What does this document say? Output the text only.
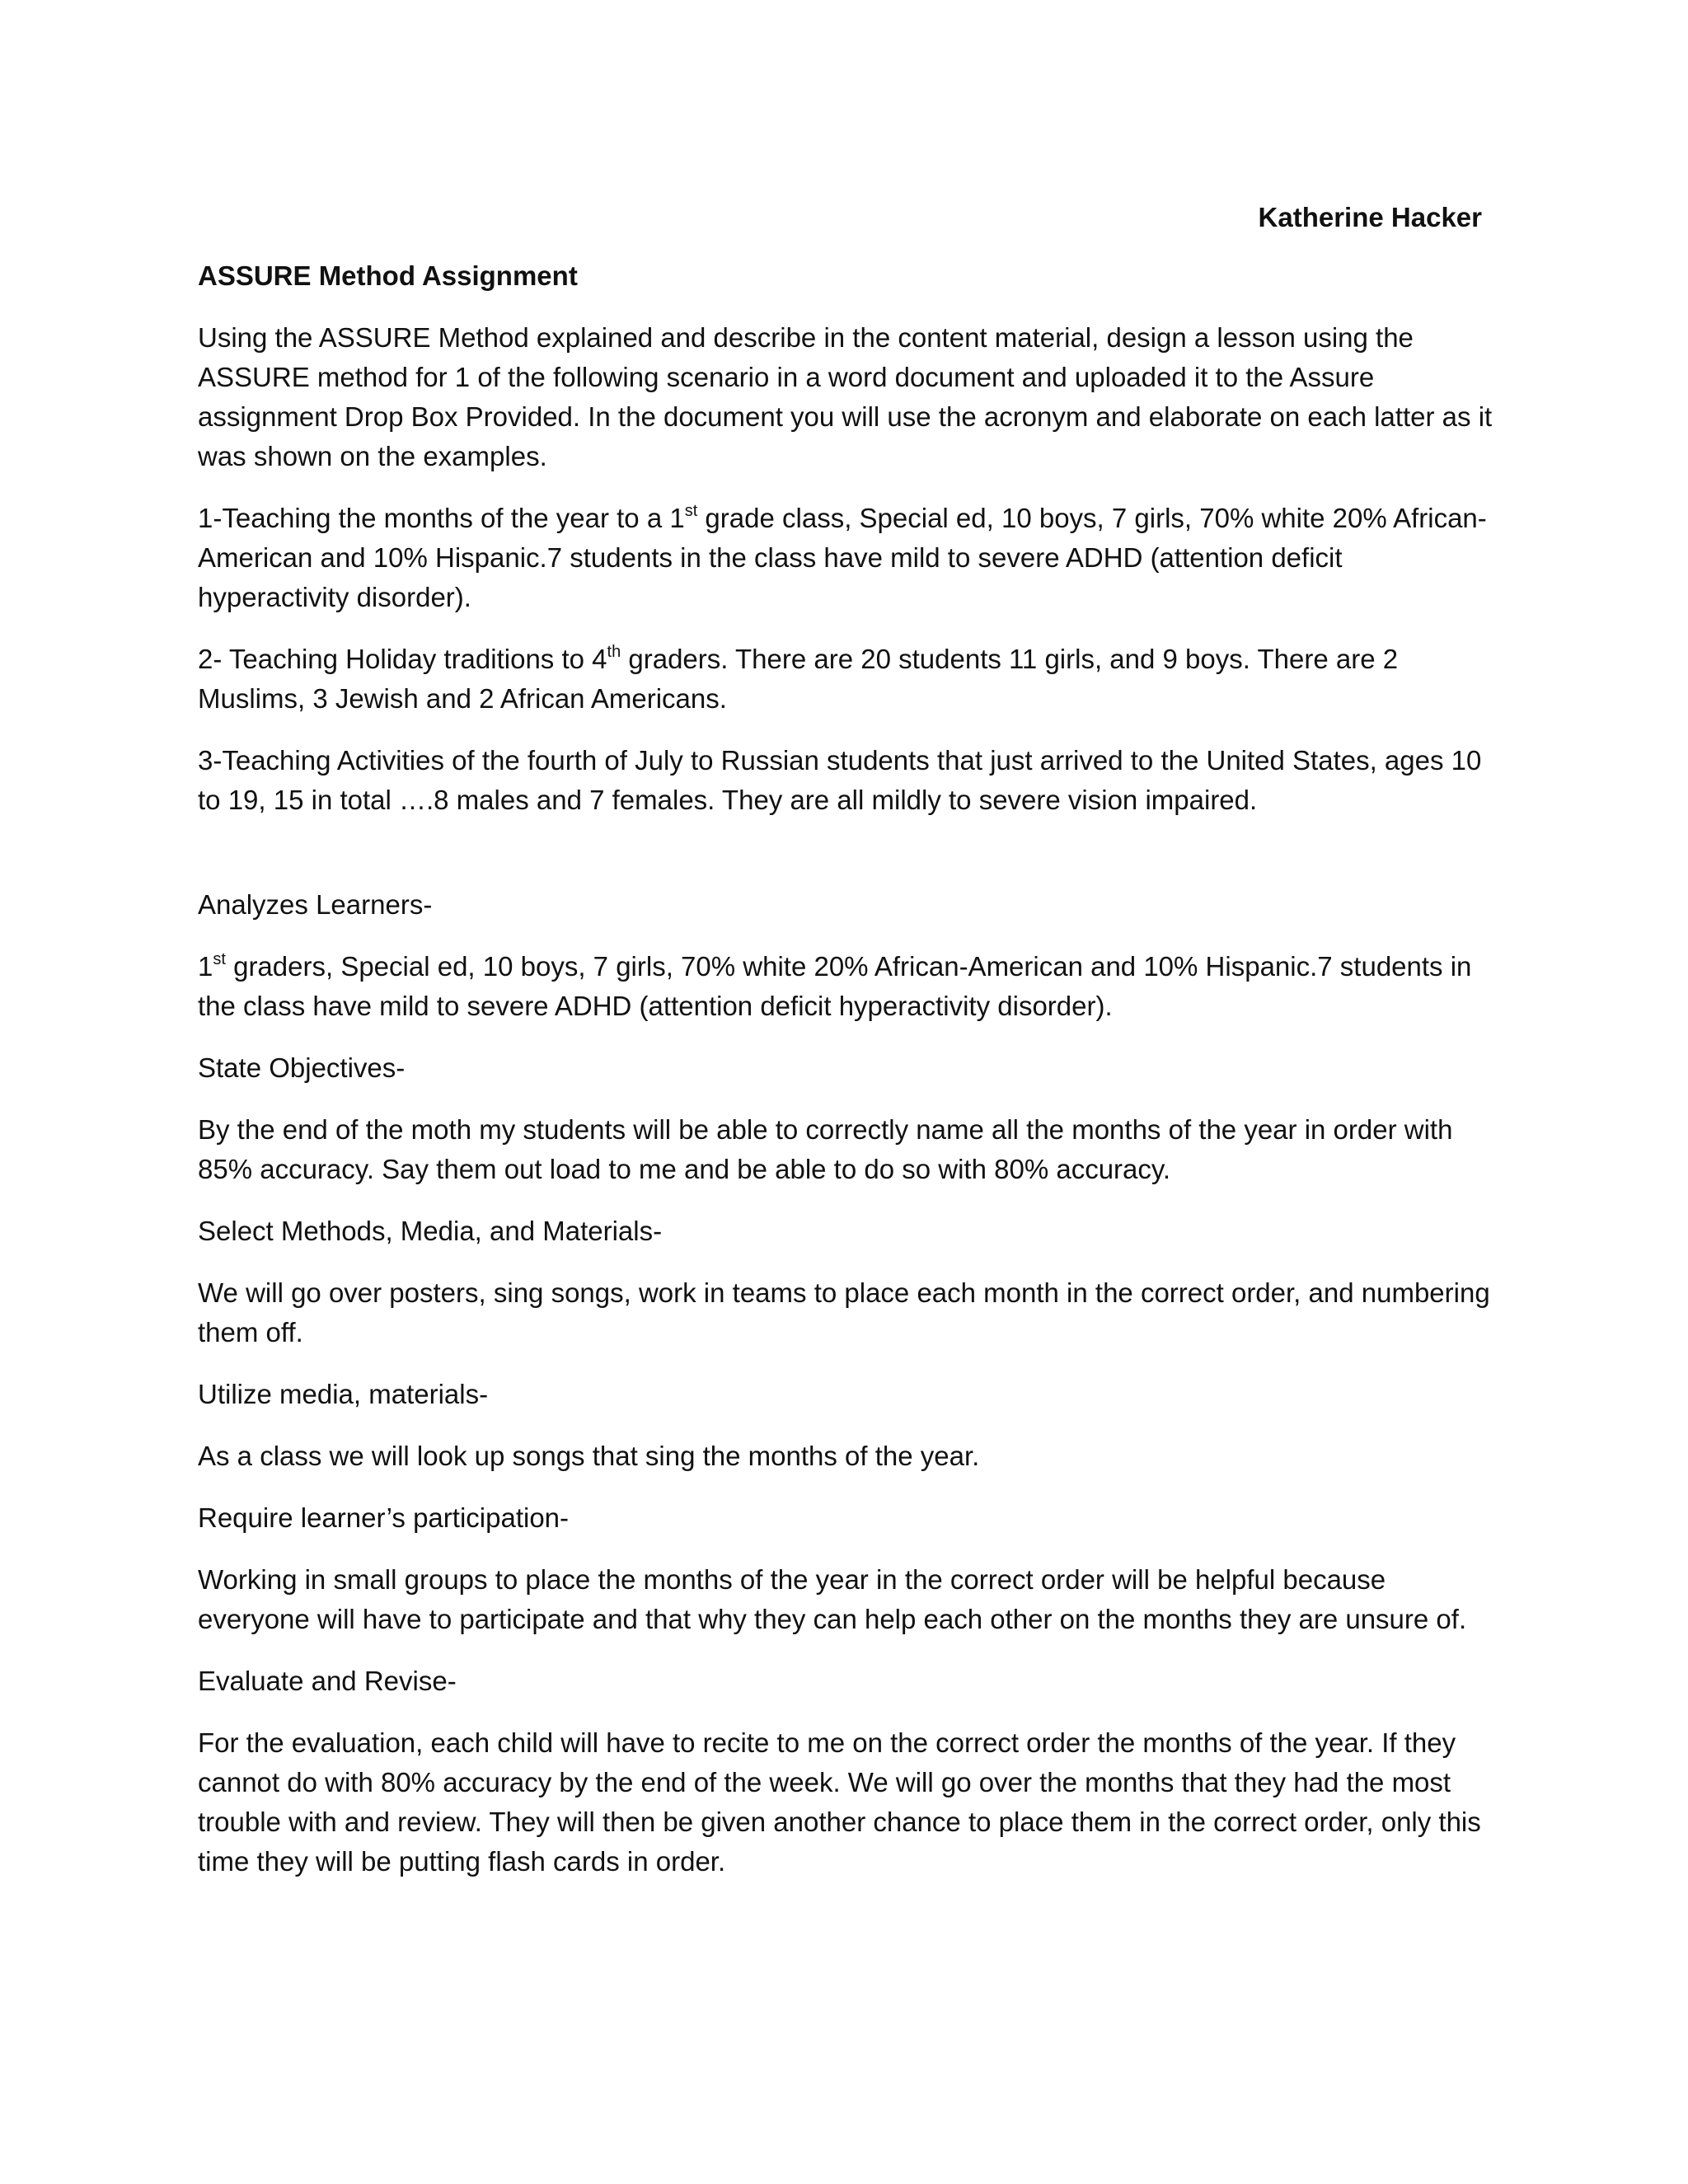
Katherine Hacker

ASSURE Method Assignment

Using the ASSURE Method explained and describe in the content material, design a lesson using the ASSURE method for 1 of the following scenario in a word document and uploaded it to the Assure assignment Drop Box Provided. In the document you will use the acronym and elaborate on each latter as it was shown on the examples.

1-Teaching the months of the year to a 1st grade class, Special ed, 10 boys, 7 girls, 70% white 20% African-American and 10% Hispanic.7 students in the class have mild to severe ADHD (attention deficit hyperactivity disorder).

2- Teaching Holiday traditions to 4th graders. There are 20 students 11 girls, and 9 boys. There are 2 Muslims, 3 Jewish and 2 African Americans.

3-Teaching Activities of the fourth of July to Russian students that just arrived to the United States, ages 10 to 19, 15 in total ….8 males and 7 females. They are all mildly to severe vision impaired.

Analyzes Learners-

1st graders, Special ed, 10 boys, 7 girls, 70% white 20% African-American and 10% Hispanic.7 students in the class have mild to severe ADHD (attention deficit hyperactivity disorder).

State Objectives-

By the end of the moth my students will be able to correctly name all the months of the year in order with 85% accuracy. Say them out load to me and be able to do so with 80% accuracy.

Select Methods, Media, and Materials-

We will go over posters, sing songs, work in teams to place each month in the correct order, and numbering them off.

Utilize media, materials-

As a class we will look up songs that sing the months of the year.

Require learner’s participation-

Working in small groups to place the months of the year in the correct order will be helpful because everyone will have to participate and that why they can help each other on the months they are unsure of.

Evaluate and Revise-

For the evaluation, each child will have to recite to me on the correct order the months of the year. If they cannot do with 80% accuracy by the end of the week. We will go over the months that they had the most trouble with and review. They will then be given another chance to place them in the correct order, only this time they will be putting flash cards in order.
